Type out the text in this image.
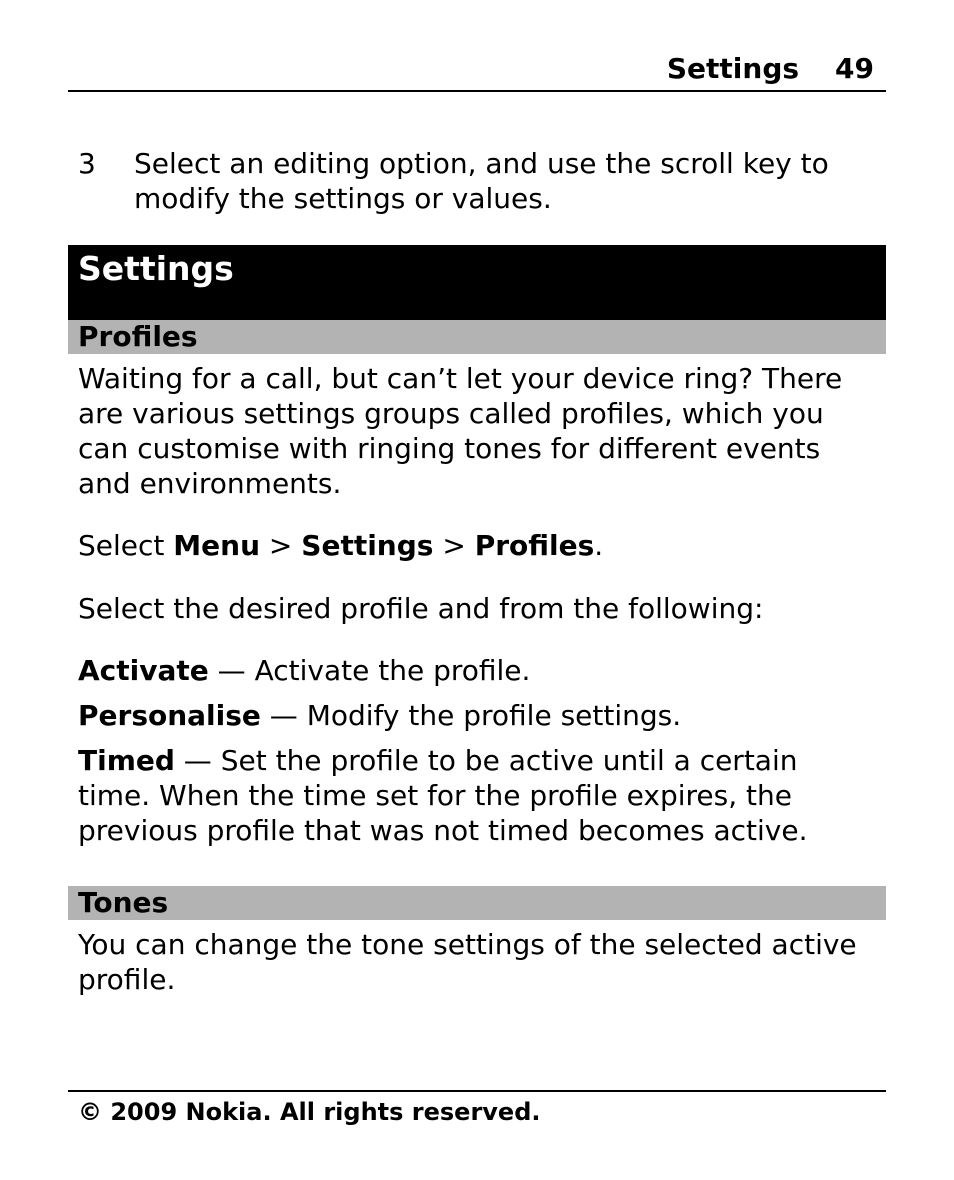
Settings 49
3 Select an editing option, and use the scroll key to modify the settings or values.
Settings
Profiles
Waiting for a call, but can’t let your device ring? There are various settings groups called profiles, which you can customise with ringing tones for different events and environments.
Select Menu > Settings > Profiles.
Select the desired profile and from the following:
Activate — Activate the profile.
Personalise — Modify the profile settings.
Timed — Set the profile to be active until a certain time. When the time set for the profile expires, the previous profile that was not timed becomes active.
Tones
You can change the tone settings of the selected active profile.
© 2009 Nokia. All rights reserved.
